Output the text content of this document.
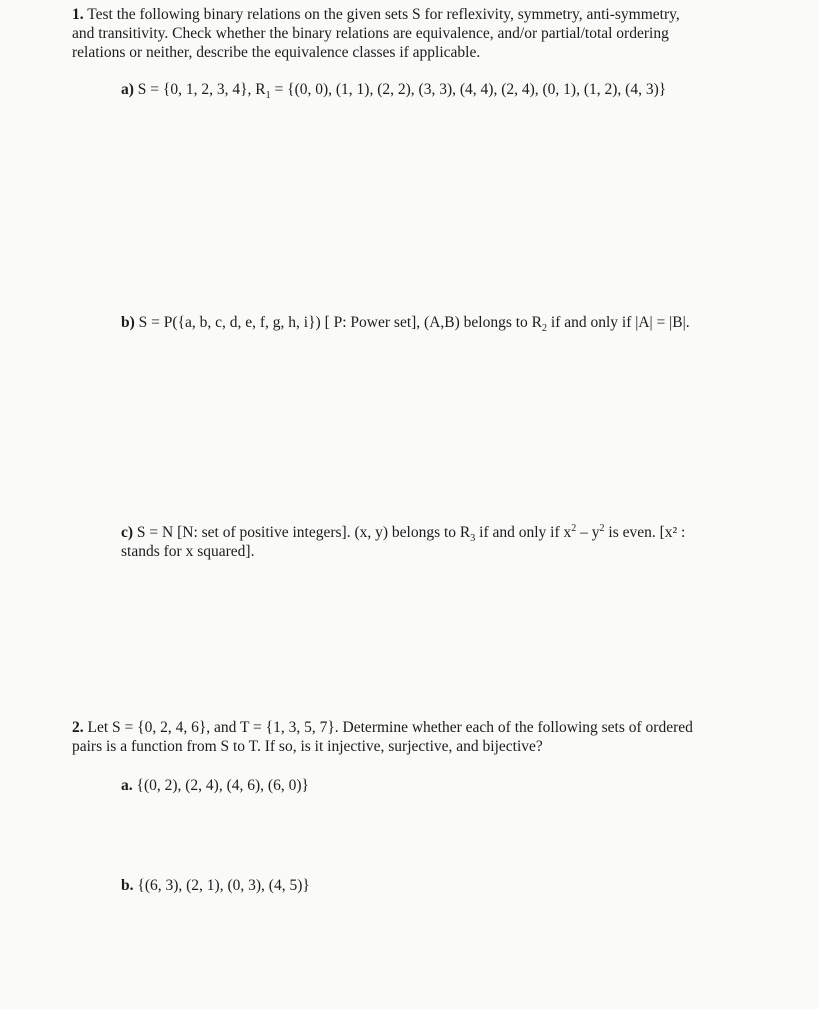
1. Test the following binary relations on the given sets S for reflexivity, symmetry, anti-symmetry,
and transitivity. Check whether the binary relations are equivalence, and/or partial/total ordering
relations or neither, describe the equivalence classes if applicable.
a) S = {0, 1, 2, 3, 4}, $R_1 = \{(0$, 0), (1, 1), (2, 2), (3, 3), (4, 4), (2, 4), (0, 1), (1, 2), (4, 3)}
b) S = P({a, b, c, d, e, f, g, h, i}) [ P: Power set], (A,B) belongs to $R_2$ if and only if |A| = |B|.
c) S = N [N: set of positive integers]. (x, y) belongs to $R_3$ if and only if $x^2 - y^2$ is even. [x² :
stands for x squared].
2. Let S = {0, 2, 4, 6}, and T = {1, 3, 5, 7}. Determine whether each of the following sets of ordered
pairs is a function from S to T. If so, is it injective, surjective, and bijective?
a. {(0, 2), (2, 4), (4, 6), (6, 0)}
b. {(6, 3), (2, 1), (0, 3), (4, 5)}
